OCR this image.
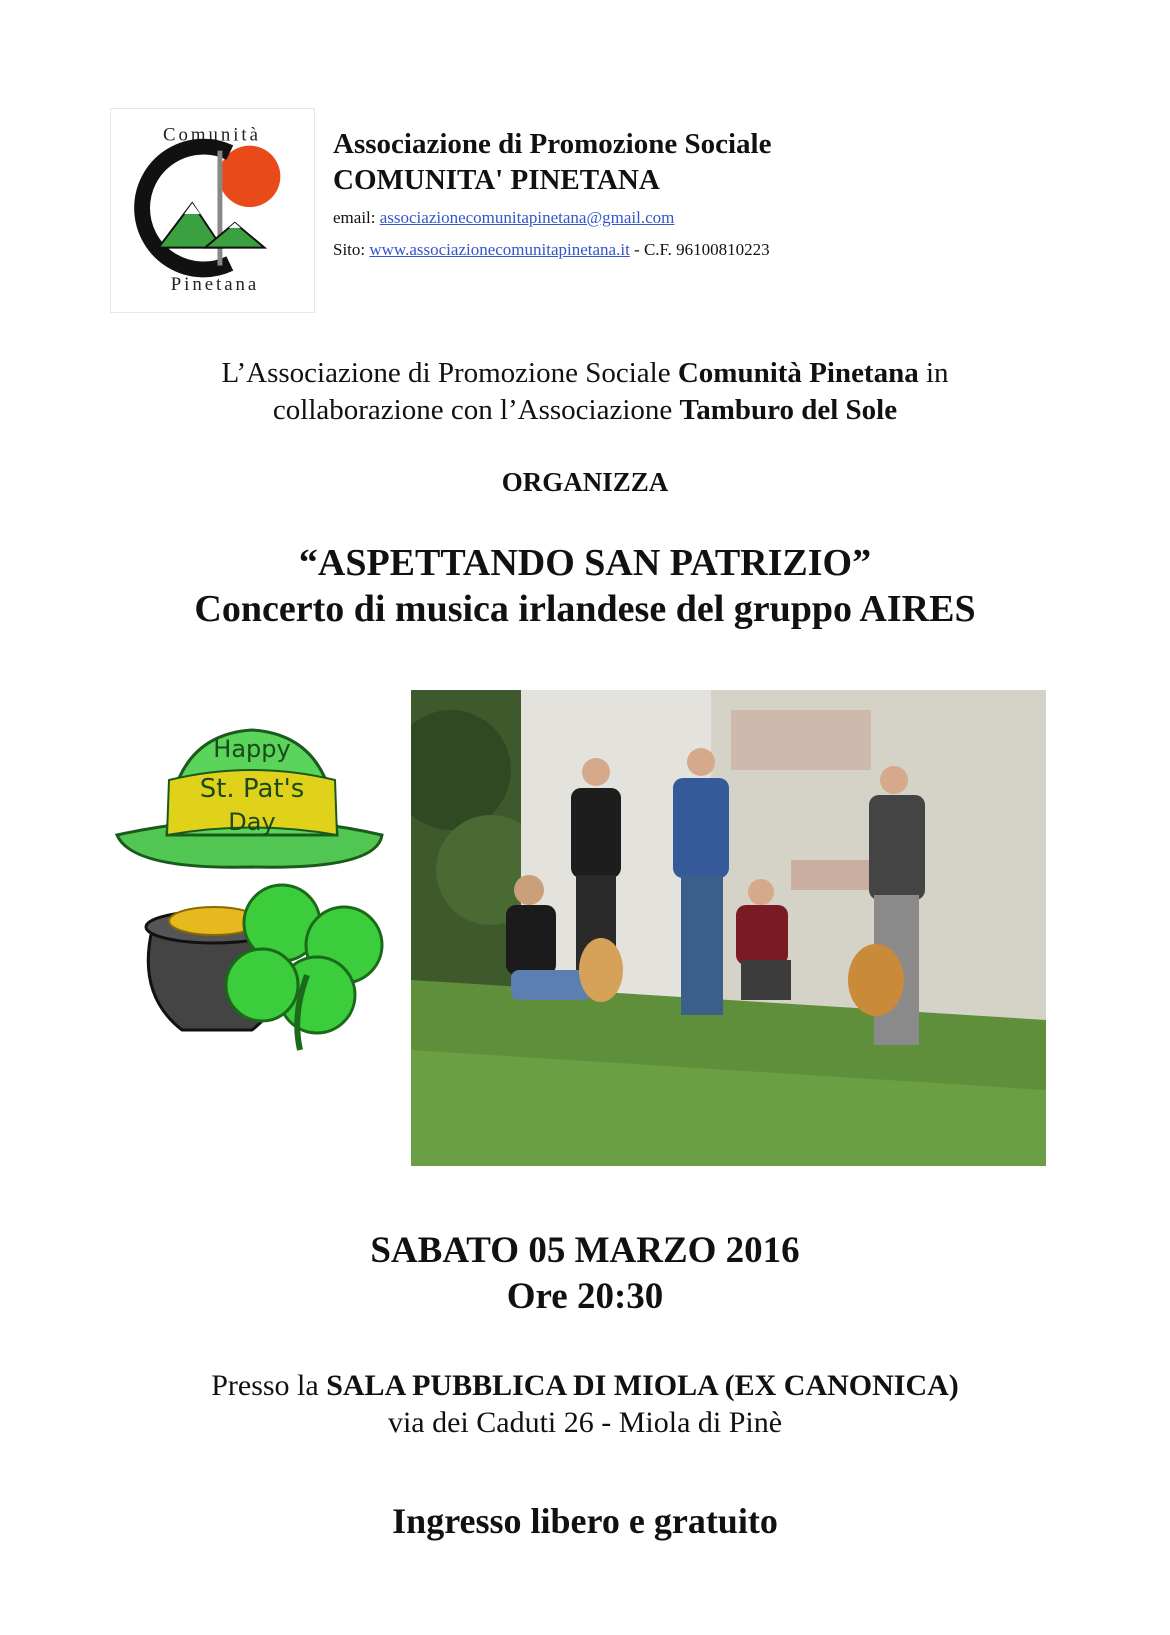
Comunità
Pinetana
Associazione di Promozione Sociale
COMUNITA' PINETANA
email: associazionecomunitapinetana@gmail.com
Sito: www.associazionecomunitapinetana.it - C.F. 96100810223
L’Associazione di Promozione Sociale Comunità Pinetana in
collaborazione con l’Associazione Tamburo del Sole
ORGANIZZA
“ASPETTANDO SAN PATRIZIO”
Concerto di musica irlandese del gruppo AIRES
Happy
St. Pat's
Day
SABATO 05 MARZO 2016
Ore 20:30
Presso la SALA PUBBLICA DI MIOLA (EX CANONICA)
via dei Caduti 26 - Miola di Pinè
Ingresso libero e gratuito
